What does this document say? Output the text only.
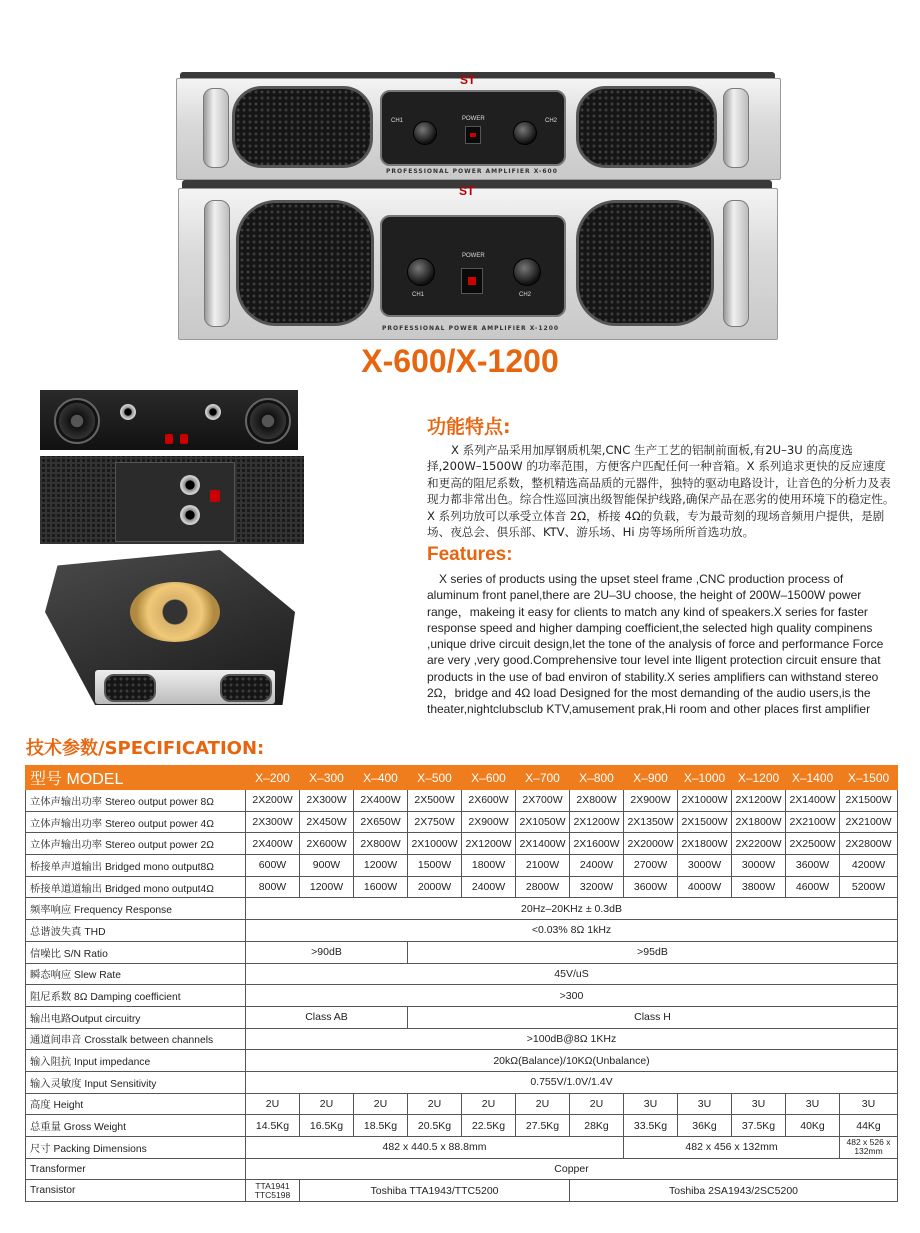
CH1	CH2
POWER
ST
PROFESSIONAL POWER AMPLIFIER X-600
CH1	CH2
POWER
ST
PROFESSIONAL POWER AMPLIFIER X-1200
X-600/X-1200
功能特点:
X 系列产品采用加厚钢质机架,CNC 生产工艺的铝制前面板,有2U–3U 的高度选择,200W–1500W 的功率范围，方便客户匹配任何一种音箱。X 系列追求更快的反应速度和更高的阻尼系数，整机精选高品质的元器件，独特的驱动电路设计，让音色的分析力及表现力都非常出色。综合性巡回演出级智能保护线路,确保产品在恶劣的使用环境下的稳定性。X 系列功放可以承受立体音 2Ω，桥接 4Ω的负载，专为最苛刻的现场音频用户提供，是剧场、夜总会、俱乐部、KTV、游乐场、Hi 房等场所所首选功放。
Features:
X series of products using the upset steel frame ,CNC production process of aluminum front panel,there are 2U–3U choose, the height of 200W–1500W power range，makeing it easy for clients to match any kind of speakers.X series for faster response speed and higher damping coefficient,the selected high quality compinens ,unique drive circuit design,let the tone of the analysis of force and performance Force are very ,very good.Comprehensive tour level inte lligent protection circuit ensure that products in the use of bad environ of stability.X series amplifiers can withstand stereo 2Ω，bridge and 4Ω load Designed for the most demanding of the audio users,is the theater,nightclubsclub KTV,amusement prak,Hi room and other places first amplifier
技术参数/SPECIFICATION:
型号 MODEL	X–200	X–300	X–400	X–500	X–600	X–700	X–800	X–900	X–1000	X–1200	X–1400	X–1500
立体声输出功率 Stereo output power 8Ω	2X200W	2X300W	2X400W	2X500W	2X600W	2X700W	2X800W	2X900W	2X1000W	2X1200W	2X1400W	2X1500W
立体声输出功率 Stereo output power 4Ω	2X300W	2X450W	2X650W	2X750W	2X900W	2X1050W	2X1200W	2X1350W	2X1500W	2X1800W	2X2100W	2X2100W
立体声输出功率 Stereo output power 2Ω	2X400W	2X600W	2X800W	2X1000W	2X1200W	2X1400W	2X1600W	2X2000W	2X1800W	2X2200W	2X2500W	2X2800W
桥接单声道输出 Bridged mono output8Ω	600W	900W	1200W	1500W	1800W	2100W	2400W	2700W	3000W	3000W	3600W	4200W
桥接单道道输出 Bridged mono output4Ω	800W	1200W	1600W	2000W	2400W	2800W	3200W	3600W	4000W	3800W	4600W	5200W
频率响应 Frequency Response	20Hz–20KHz ± 0.3dB											
总谐波失真 THD	<0.03% 8Ω 1kHz											
信噪比 S/N Ratio	>90dB			>95dB								
瞬态响应 Slew Rate	45V/uS											
阻尼系数 8Ω Damping coefficient	>300											
输出电路Output circuitry	Class AB			Class H								
通道间串音 Crosstalk between channels	>100dB@8Ω 1KHz											
输入阻抗 Input impedance	20kΩ(Balance)/10KΩ(Unbalance)											
输入灵敏度 Input Sensitivity	0.755V/1.0V/1.4V											
高度 Height	2U	2U	2U	2U	2U	2U	2U	3U	3U	3U	3U	3U
总重量 Gross Weight	14.5Kg	16.5Kg	18.5Kg	20.5Kg	22.5Kg	27.5Kg	28Kg	33.5Kg	36Kg	37.5Kg	40Kg	44Kg
尺寸 Packing Dimensions	482 x 440.5 x 88.8mm							482 x 456 x 132mm				482 x 526 x 132mm
Transformer	Copper											
Transistor	TTA1941 TTC5198	Toshiba TTA1943/TTC5200					Toshiba 2SA1943/2SC5200					
